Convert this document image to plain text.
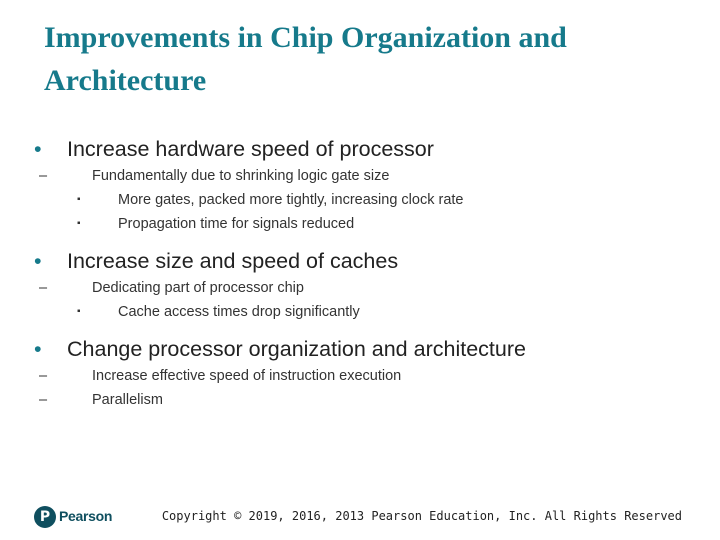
Improvements in Chip Organization and Architecture
• Increase hardware speed of processor
–	Fundamentally due to shrinking logic gate size
▪	More gates, packed more tightly, increasing clock rate
▪	Propagation time for signals reduced
• Increase size and speed of caches
–	Dedicating part of processor chip
▪	Cache access times drop significantly
• Change processor organization and architecture
–	Increase effective speed of instruction execution
–	Parallelism
P Pearson	Copyright © 2019, 2016, 2013 Pearson Education, Inc. All Rights Reserved
